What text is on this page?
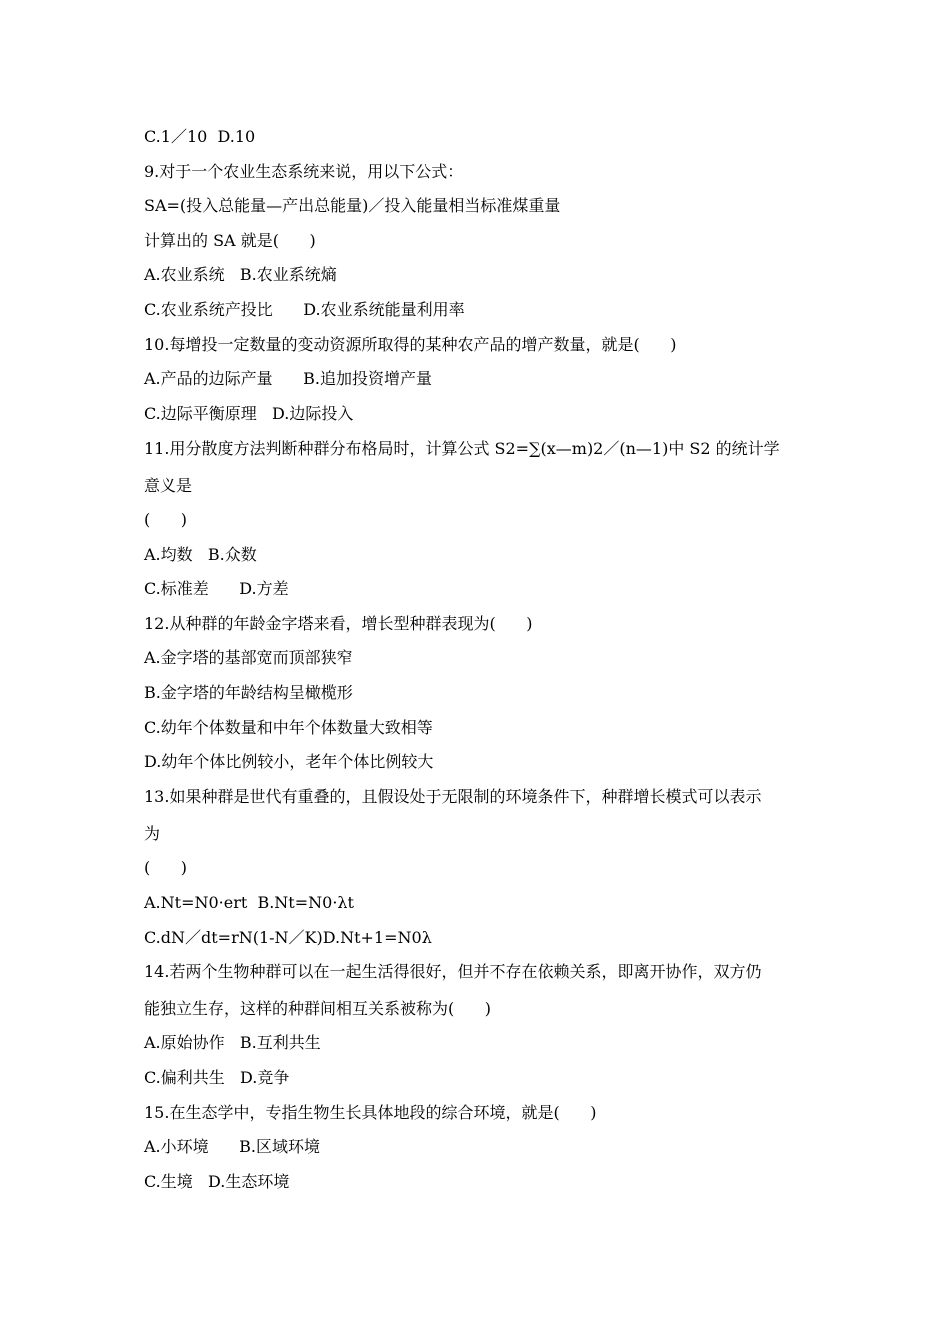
C.1／10  D.10
9.对于一个农业生态系统来说，用以下公式：
SA=(投入总能量—产出总能量)／投入能量相当标准煤重量
计算出的 SA 就是(      )
A.农业系统   B.农业系统熵
C.农业系统产投比      D.农业系统能量利用率
10.每增投一定数量的变动资源所取得的某种农产品的增产数量，就是(      )
A.产品的边际产量      B.追加投资增产量
C.边际平衡原理   D.边际投入
11.用分散度方法判断种群分布格局时，计算公式 S2=∑(x—m)2／(n—1)中 S2 的统计学
意义是
(      )
A.均数   B.众数
C.标准差      D.方差
12.从种群的年龄金字塔来看，增长型种群表现为(      )
A.金字塔的基部宽而顶部狭窄
B.金字塔的年龄结构呈橄榄形
C.幼年个体数量和中年个体数量大致相等
D.幼年个体比例较小，老年个体比例较大
13.如果种群是世代有重叠的，且假设处于无限制的环境条件下，种群增长模式可以表示
为
(      )
A.Nt=N0·ert  B.Nt=N0·λt
C.dN／dt=rN(1-N／K)D.Nt+1=N0λ
14.若两个生物种群可以在一起生活得很好，但并不存在依赖关系，即离开协作，双方仍
能独立生存，这样的种群间相互关系被称为(      )
A.原始协作   B.互利共生
C.偏利共生   D.竞争
15.在生态学中，专指生物生长具体地段的综合环境，就是(      )
A.小环境      B.区域环境
C.生境   D.生态环境
